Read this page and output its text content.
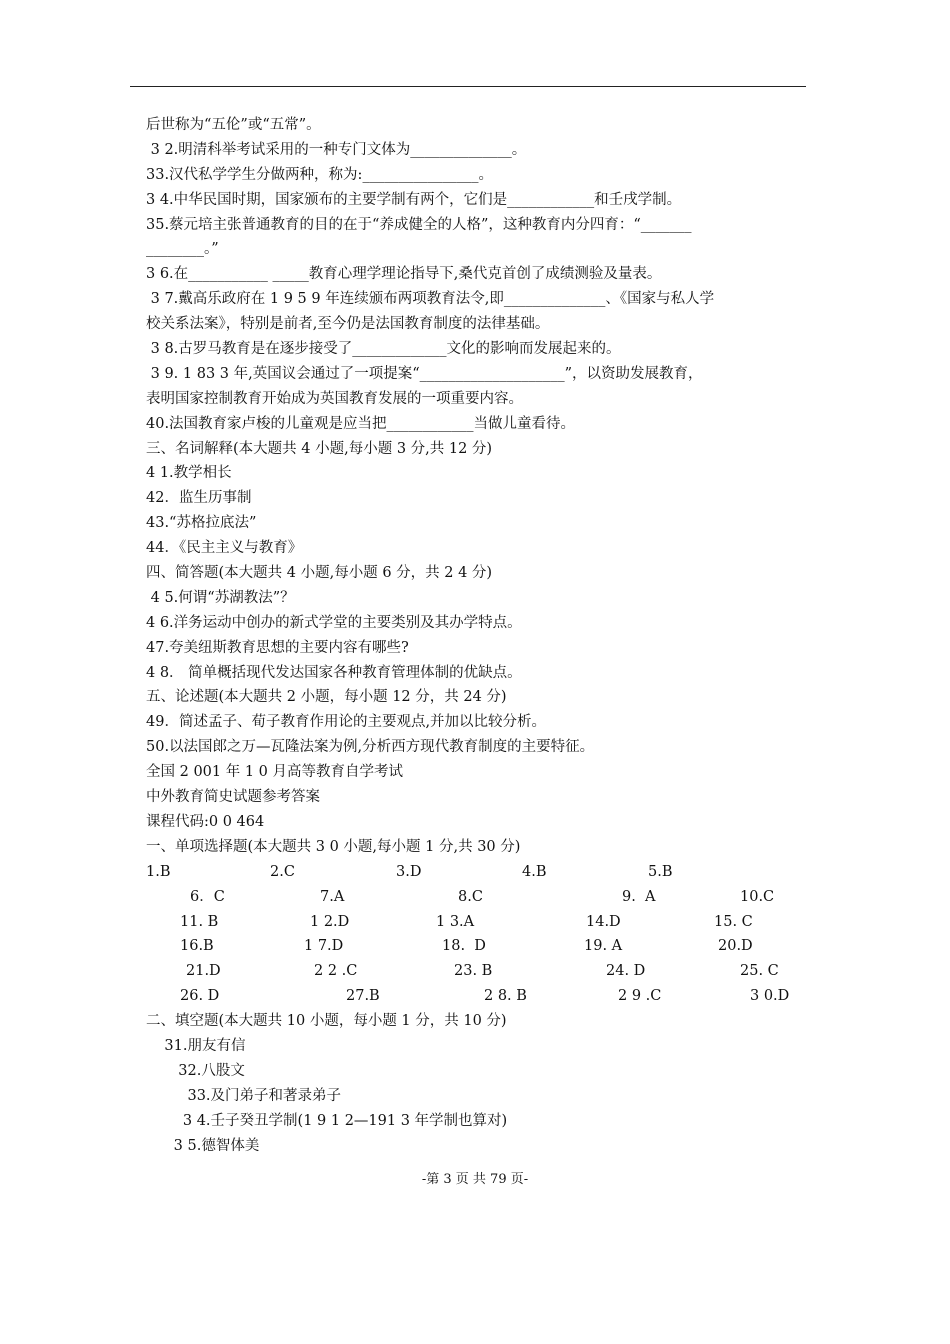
后世称为“五伦”或“五常”。
3 2.明清科举考试采用的一种专门文体为______________。
33.汉代私学学生分做两种，称为:________________。
3 4.中华民国时期，国家颁布的主要学制有两个，它们是____________和壬戌学制。
35.蔡元培主张普通教育的目的在于“养成健全的人格”，这种教育内分四育：“_______
________。”
3 6.在___________ _____教育心理学理论指导下,桑代克首创了成绩测验及量表。
3 7.戴高乐政府在 1 9 5 9 年连续颁布两项教育法令,即______________、《国家与私人学
校关系法案》，特别是前者,至今仍是法国教育制度的法律基础。
3 8.古罗马教育是在逐步接受了_____________文化的影响而发展起来的。
3 9. 1 83 3 年,英国议会通过了一项提案“____________________”，以资助发展教育，
表明国家控制教育开始成为英国教育发展的一项重要内容。
40.法国教育家卢梭的儿童观是应当把____________当做儿童看待。
三、名词解释(本大题共 4 小题,每小题 3 分,共 12 分)
4 1.教学相长
42．监生历事制
43.“苏格拉底法”
44．《民主主义与教育》
四、简答题(本大题共 4 小题,每小题 6 分，共 2 4 分)
4 5.何谓“苏湖教法”？
4 6.洋务运动中创办的新式学堂的主要类别及其办学特点。
47.夸美纽斯教育思想的主要内容有哪些?
4 8． 简单概括现代发达国家各种教育管理体制的优缺点。
五、论述题(本大题共 2 小题，每小题 12 分，共 24 分)
49．简述孟子、荀子教育作用论的主要观点,并加以比较分析。
50.以法国郎之万—瓦隆法案为例,分析西方现代教育制度的主要特征。
全国 2 001 年 1 0 月高等教育自学考试
中外教育简史试题参考答案
课程代码:0 0 464
一、单项选择题(本大题共 3 0 小题,每小题 1 分,共 30 分)
1.B	2.C	3.D	4.B	5.B
6．C	7.A	8.C	9.  A	10.C
11. B	1 2.D	1 3.A	14.D	15. C
16.B	1 7.D	18.  D	19. A	20.D
21.D	2 2 .C	23. B	24. D	25. C
26. D	27.B	2 8. B	2 9 .C	3 0.D
二、填空题(本大题共 10 小题，每小题 1 分，共 10 分)
31.朋友有信
32.八股文
33.及门弟子和著录弟子
3 4.壬子癸丑学制(1 9 1 2—191 3 年学制也算对)
3 5.德智体美
-第 3 页 共 79 页-
